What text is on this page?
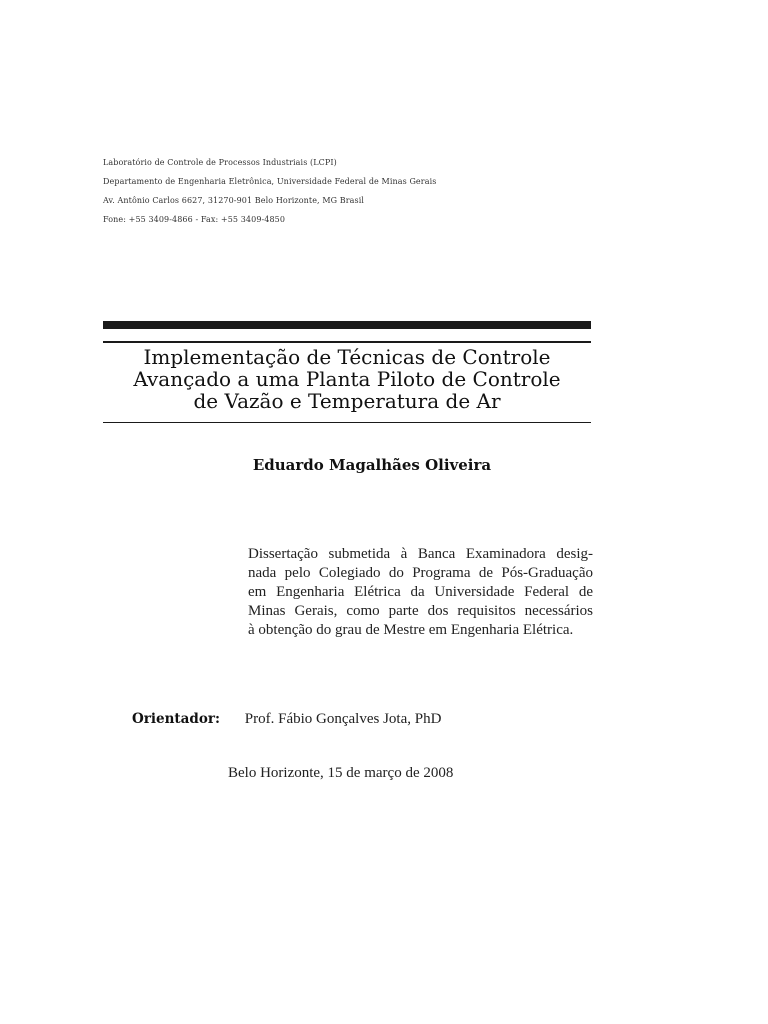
Laboratório de Controle de Processos Industriais (LCPI)
Departamento de Engenharia Eletrônica, Universidade Federal de Minas Gerais
Av. Antônio Carlos 6627, 31270-901 Belo Horizonte, MG Brasil
Fone: +55 3409-4866 - Fax: +55 3409-4850
Implementação de Técnicas de Controle
Avançado a uma Planta Piloto de Controle
de Vazão e Temperatura de Ar
Eduardo Magalhães Oliveira
Dissertação submetida à Banca Examinadora desig-
nada pelo Colegiado do Programa de Pós-Graduação
em Engenharia Elétrica da Universidade Federal de
Minas Gerais, como parte dos requisitos necessários
à obtenção do grau de Mestre em Engenharia Elétrica.
Orientador: Prof. Fábio Gonçalves Jota, PhD
Belo Horizonte, 15 de março de 2008
